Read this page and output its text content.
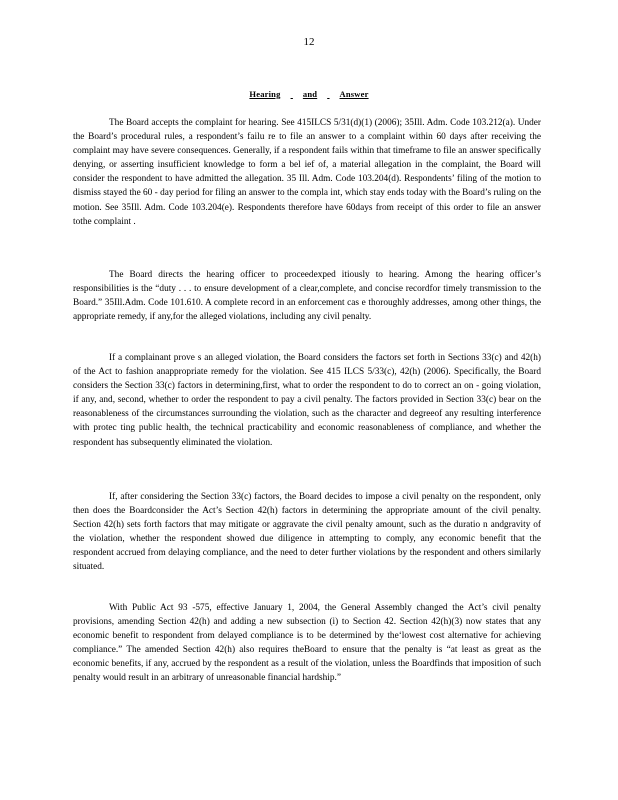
12
Hearing	and	Answer

The Board accepts the complaint for hearing. See 415ILCS 5/31(d)(1) (2006); 35Ill. Adm. Code 103.212(a). Under the Board’s procedural rules, a respondent’s failu re to file an answer to a complaint within 60 days after receiving the complaint may have severe consequences. Generally, if a respondent fails within that timeframe to file an answer specifically denying, or asserting insufficient knowledge to form a bel ief of, a material allegation in the complaint, the Board will consider the respondent to have admitted the allegation. 35 Ill. Adm. Code 103.204(d). Respondents’ filing of the motion to dismiss stayed the 60 - day period for filing an answer to the compla int, which stay ends today with the Board’s ruling on the motion. See 35Ill. Adm. Code 103.204(e). Respondents therefore have 60days from receipt of this order to file an answer tothe complaint .

The Board directs the hearing officer to proceedexped itiously to hearing. Among the hearing officer’s responsibilities is the “duty . . . to ensure development of a clear,complete, and concise recordfor timely transmission to the Board.” 35Ill.Adm. Code 101.610. A complete record in an enforcement cas e thoroughly addresses, among other things, the appropriate remedy, if any,for the alleged violations, including any civil penalty.

If a complainant prove s an alleged violation, the Board considers the factors set forth in Sections 33(c) and 42(h) of the Act to fashion anappropriate remedy for the violation. See 415 ILCS 5/33(c), 42(h) (2006). Specifically, the Board considers the Section 33(c) factors in determining,first, what to order the respondent to do to correct an on - going violation, if any, and, second, whether to order the respondent to pay a civil penalty. The factors provided in Section 33(c) bear on the reasonableness of the circumstances surrounding the violation, such as the character and degreeof any resulting interference with protec ting public health, the technical practicability and economic reasonableness of compliance, and whether the respondent has subsequently eliminated the violation.

If, after considering the Section 33(c) factors, the Board decides to impose a civil penalty on the respondent, only then does the Boardconsider the Act’s Section 42(h) factors in determining the appropriate amount of the civil penalty. Section 42(h) sets forth factors that may mitigate or aggravate the civil penalty amount, such as the duratio n andgravity of the violation, whether the respondent showed due diligence in attempting to comply, any economic benefit that the respondent accrued from delaying compliance, and the need to deter further violations by the respondent and others similarly situated.

With Public Act 93 -575, effective January 1, 2004, the General Assembly changed the Act’s civil penalty provisions, amending Section 42(h) and adding a new subsection (i) to Section 42. Section 42(h)(3) now states that any economic benefit to respondent from delayed compliance is to be determined by the‘lowest cost alternative for achieving compliance.” The amended Section 42(h) also requires theBoard to ensure that the penalty is “at least as great as the economic benefits, if any, accrued by the respondent as a result of the violation, unless the Boardfinds that imposition of such penalty would result in an arbitrary of unreasonable financial hardship.”
